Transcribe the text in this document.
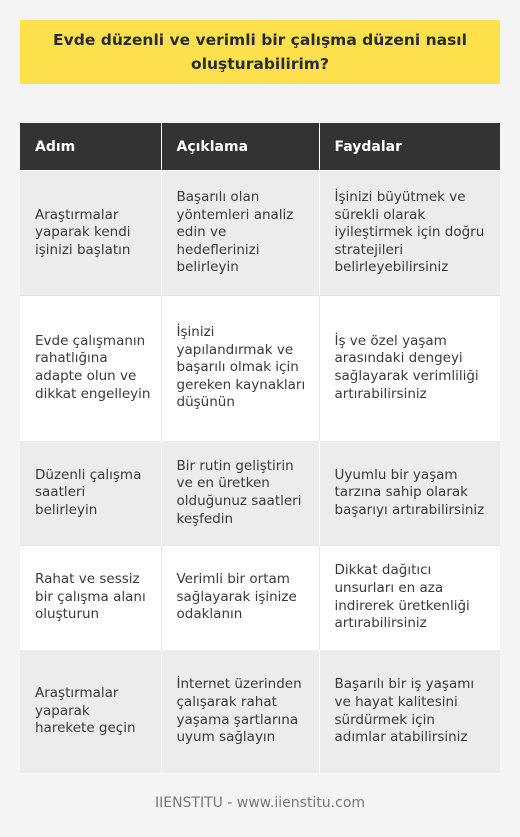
Evde düzenli ve verimli bir çalışma düzeni nasıl oluşturabilirim?
Adım	Açıklama	Faydalar
Araştırmalar yaparak kendi işinizi başlatın	Başarılı olan yöntemleri analiz edin ve hedeflerinizi belirleyin	İşinizi büyütmek ve sürekli olarak iyileştirmek için doğru stratejileri belirleyebilirsiniz
Evde çalışmanın rahatlığına adapte olun ve dikkat engelleyin	İşinizi yapılandırmak ve başarılı olmak için gereken kaynakları düşünün	İş ve özel yaşam arasındaki dengeyi sağlayarak verimliliği artırabilirsiniz
Düzenli çalışma saatleri belirleyin	Bir rutin geliştirin ve en üretken olduğunuz saatleri keşfedin	Uyumlu bir yaşam tarzına sahip olarak başarıyı artırabilirsiniz
Rahat ve sessiz bir çalışma alanı oluşturun	Verimli bir ortam sağlayarak işinize odaklanın	Dikkat dağıtıcı unsurları en aza indirerek üretkenliği artırabilirsiniz
Araştırmalar yaparak harekete geçin	İnternet üzerinden çalışarak rahat yaşama şartlarına uyum sağlayın	Başarılı bir iş yaşamı ve hayat kalitesini sürdürmek için adımlar atabilirsiniz
IIENSTITU - www.iienstitu.com
